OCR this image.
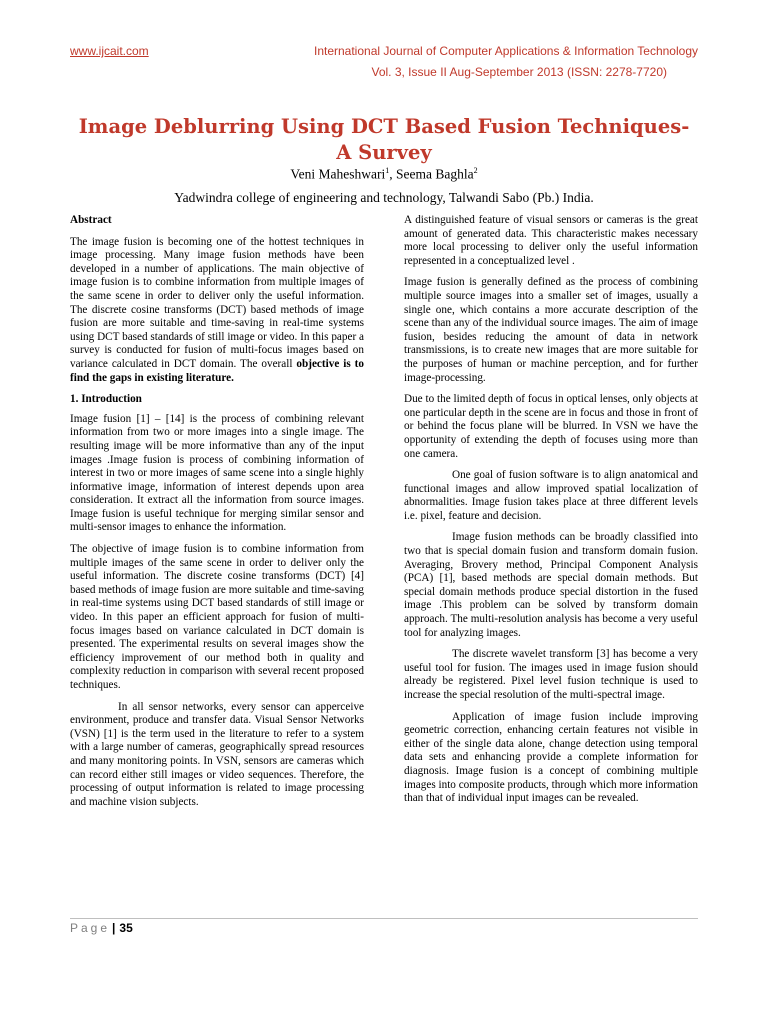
www.ijcait.com	International Journal of Computer Applications & Information Technology
Vol. 3, Issue II Aug-September 2013 (ISSN: 2278-7720)
Image Deblurring Using DCT Based Fusion Techniques- A Survey
Veni Maheshwari$^1$, Seema Baghla$^2$
Yadwindra college of engineering and technology, Talwandi Sabo (Pb.) India.
Abstract

The image fusion is becoming one of the hottest techniques in image processing. Many image fusion methods have been developed in a number of applications. The main objective of image fusion is to combine information from multiple images of the same scene in order to deliver only the useful information. The discrete cosine transforms (DCT) based methods of image fusion are more suitable and time-saving in real-time systems using DCT based standards of still image or video. In this paper a survey is conducted for fusion of multi-focus images based on variance calculated in DCT domain. The overall objective is to find the gaps in existing literature.

1. Introduction

Image fusion [1] – [14] is the process of combining relevant information from two or more images into a single image. The resulting image will be more informative than any of the input images .Image fusion is process of combining information of interest in two or more images of same scene into a single highly informative image, information of interest depends upon area consideration. It extract all the information from source images. Image fusion is useful technique for merging similar sensor and multi-sensor images to enhance the information.

The objective of image fusion is to combine information from multiple images of the same scene in order to deliver only the useful information. The discrete cosine transforms (DCT) [4] based methods of image fusion are more suitable and time-saving in real-time systems using DCT based standards of still image or video. In this paper an efficient approach for fusion of multi-focus images based on variance calculated in DCT domain is presented. The experimental results on several images show the efficiency improvement of our method both in quality and complexity reduction in comparison with several recent proposed techniques.

In all sensor networks, every sensor can apperceive environment, produce and transfer data. Visual Sensor Networks (VSN) [1] is the term used in the literature to refer to a system with a large number of cameras, geographically spread resources and many monitoring points. In VSN, sensors are cameras which can record either still images or video sequences. Therefore, the processing of output information is related to image processing and machine vision subjects.

A distinguished feature of visual sensors or cameras is the great amount of generated data. This characteristic makes necessary more local processing to deliver only the useful information represented in a conceptualized level .

Image fusion is generally defined as the process of combining multiple source images into a smaller set of images, usually a single one, which contains a more accurate description of the scene than any of the individual source images. The aim of image fusion, besides reducing the amount of data in network transmissions, is to create new images that are more suitable for the purposes of human or machine perception, and for further image-processing.

Due to the limited depth of focus in optical lenses, only objects at one particular depth in the scene are in focus and those in front of or behind the focus plane will be blurred. In VSN we have the opportunity of extending the depth of focuses using more than one camera.

One goal of fusion software is to align anatomical and functional images and allow improved spatial localization of abnormalities. Image fusion takes place at three different levels i.e. pixel, feature and decision.

Image fusion methods can be broadly classified into two that is special domain fusion and transform domain fusion. Averaging, Brovery method, Principal Component Analysis (PCA) [1], based methods are special domain methods. But special domain methods produce special distortion in the fused image .This problem can be solved by transform domain approach. The multi-resolution analysis has become a very useful tool for analyzing images.

The discrete wavelet transform [3] has become a very useful tool for fusion. The images used in image fusion should already be registered. Pixel level fusion technique is used to increase the special resolution of the multi-spectral image.

Application of image fusion include improving geometric correction, enhancing certain features not visible in either of the single data alone, change detection using temporal data sets and enhancing provide a complete information for diagnosis. Image fusion is a concept of combining multiple images into composite products, through which more information than that of individual input images can be revealed.

Page | 35
